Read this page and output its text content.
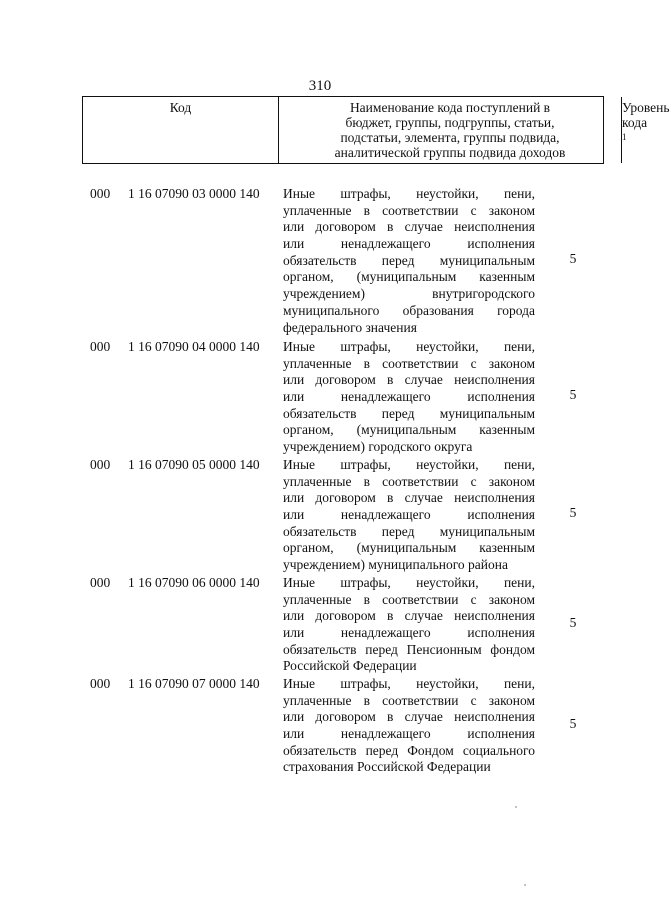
310
Код	Наименование кода поступлений в
бюджет, группы, подгруппы, статьи,
подстатьи, элемента, группы подвида,
аналитической группы подвида доходов
Уровень
кода $^1$
000 1 16 07090 03 0000 140 Иные штрафы, неустойки, пени,
уплаченные в соответствии с законом
или договором в случае неисполнения
или ненадлежащего исполнения
обязательств перед муниципальным
органом, (муниципальным казенным
учреждением) внутригородского
муниципального образования города
федерального значения
5
000 1 16 07090 04 0000 140 Иные штрафы, неустойки, пени,
уплаченные в соответствии с законом
или договором в случае неисполнения
или ненадлежащего исполнения
обязательств перед муниципальным
органом, (муниципальным казенным
учреждением) городского округа
5
000 1 16 07090 05 0000 140 Иные штрафы, неустойки, пени,
уплаченные в соответствии с законом
или договором в случае неисполнения
или ненадлежащего исполнения
обязательств перед муниципальным
органом, (муниципальным казенным
учреждением) муниципального района
5
000 1 16 07090 06 0000 140 Иные штрафы, неустойки, пени,
уплаченные в соответствии с законом
или договором в случае неисполнения
или ненадлежащего исполнения
обязательств перед Пенсионным фондом
Российской Федерации
5
000 1 16 07090 07 0000 140 Иные штрафы, неустойки, пени,
уплаченные в соответствии с законом
или договором в случае неисполнения
или ненадлежащего исполнения
обязательств перед Фондом социального
страхования Российской Федерации
5
